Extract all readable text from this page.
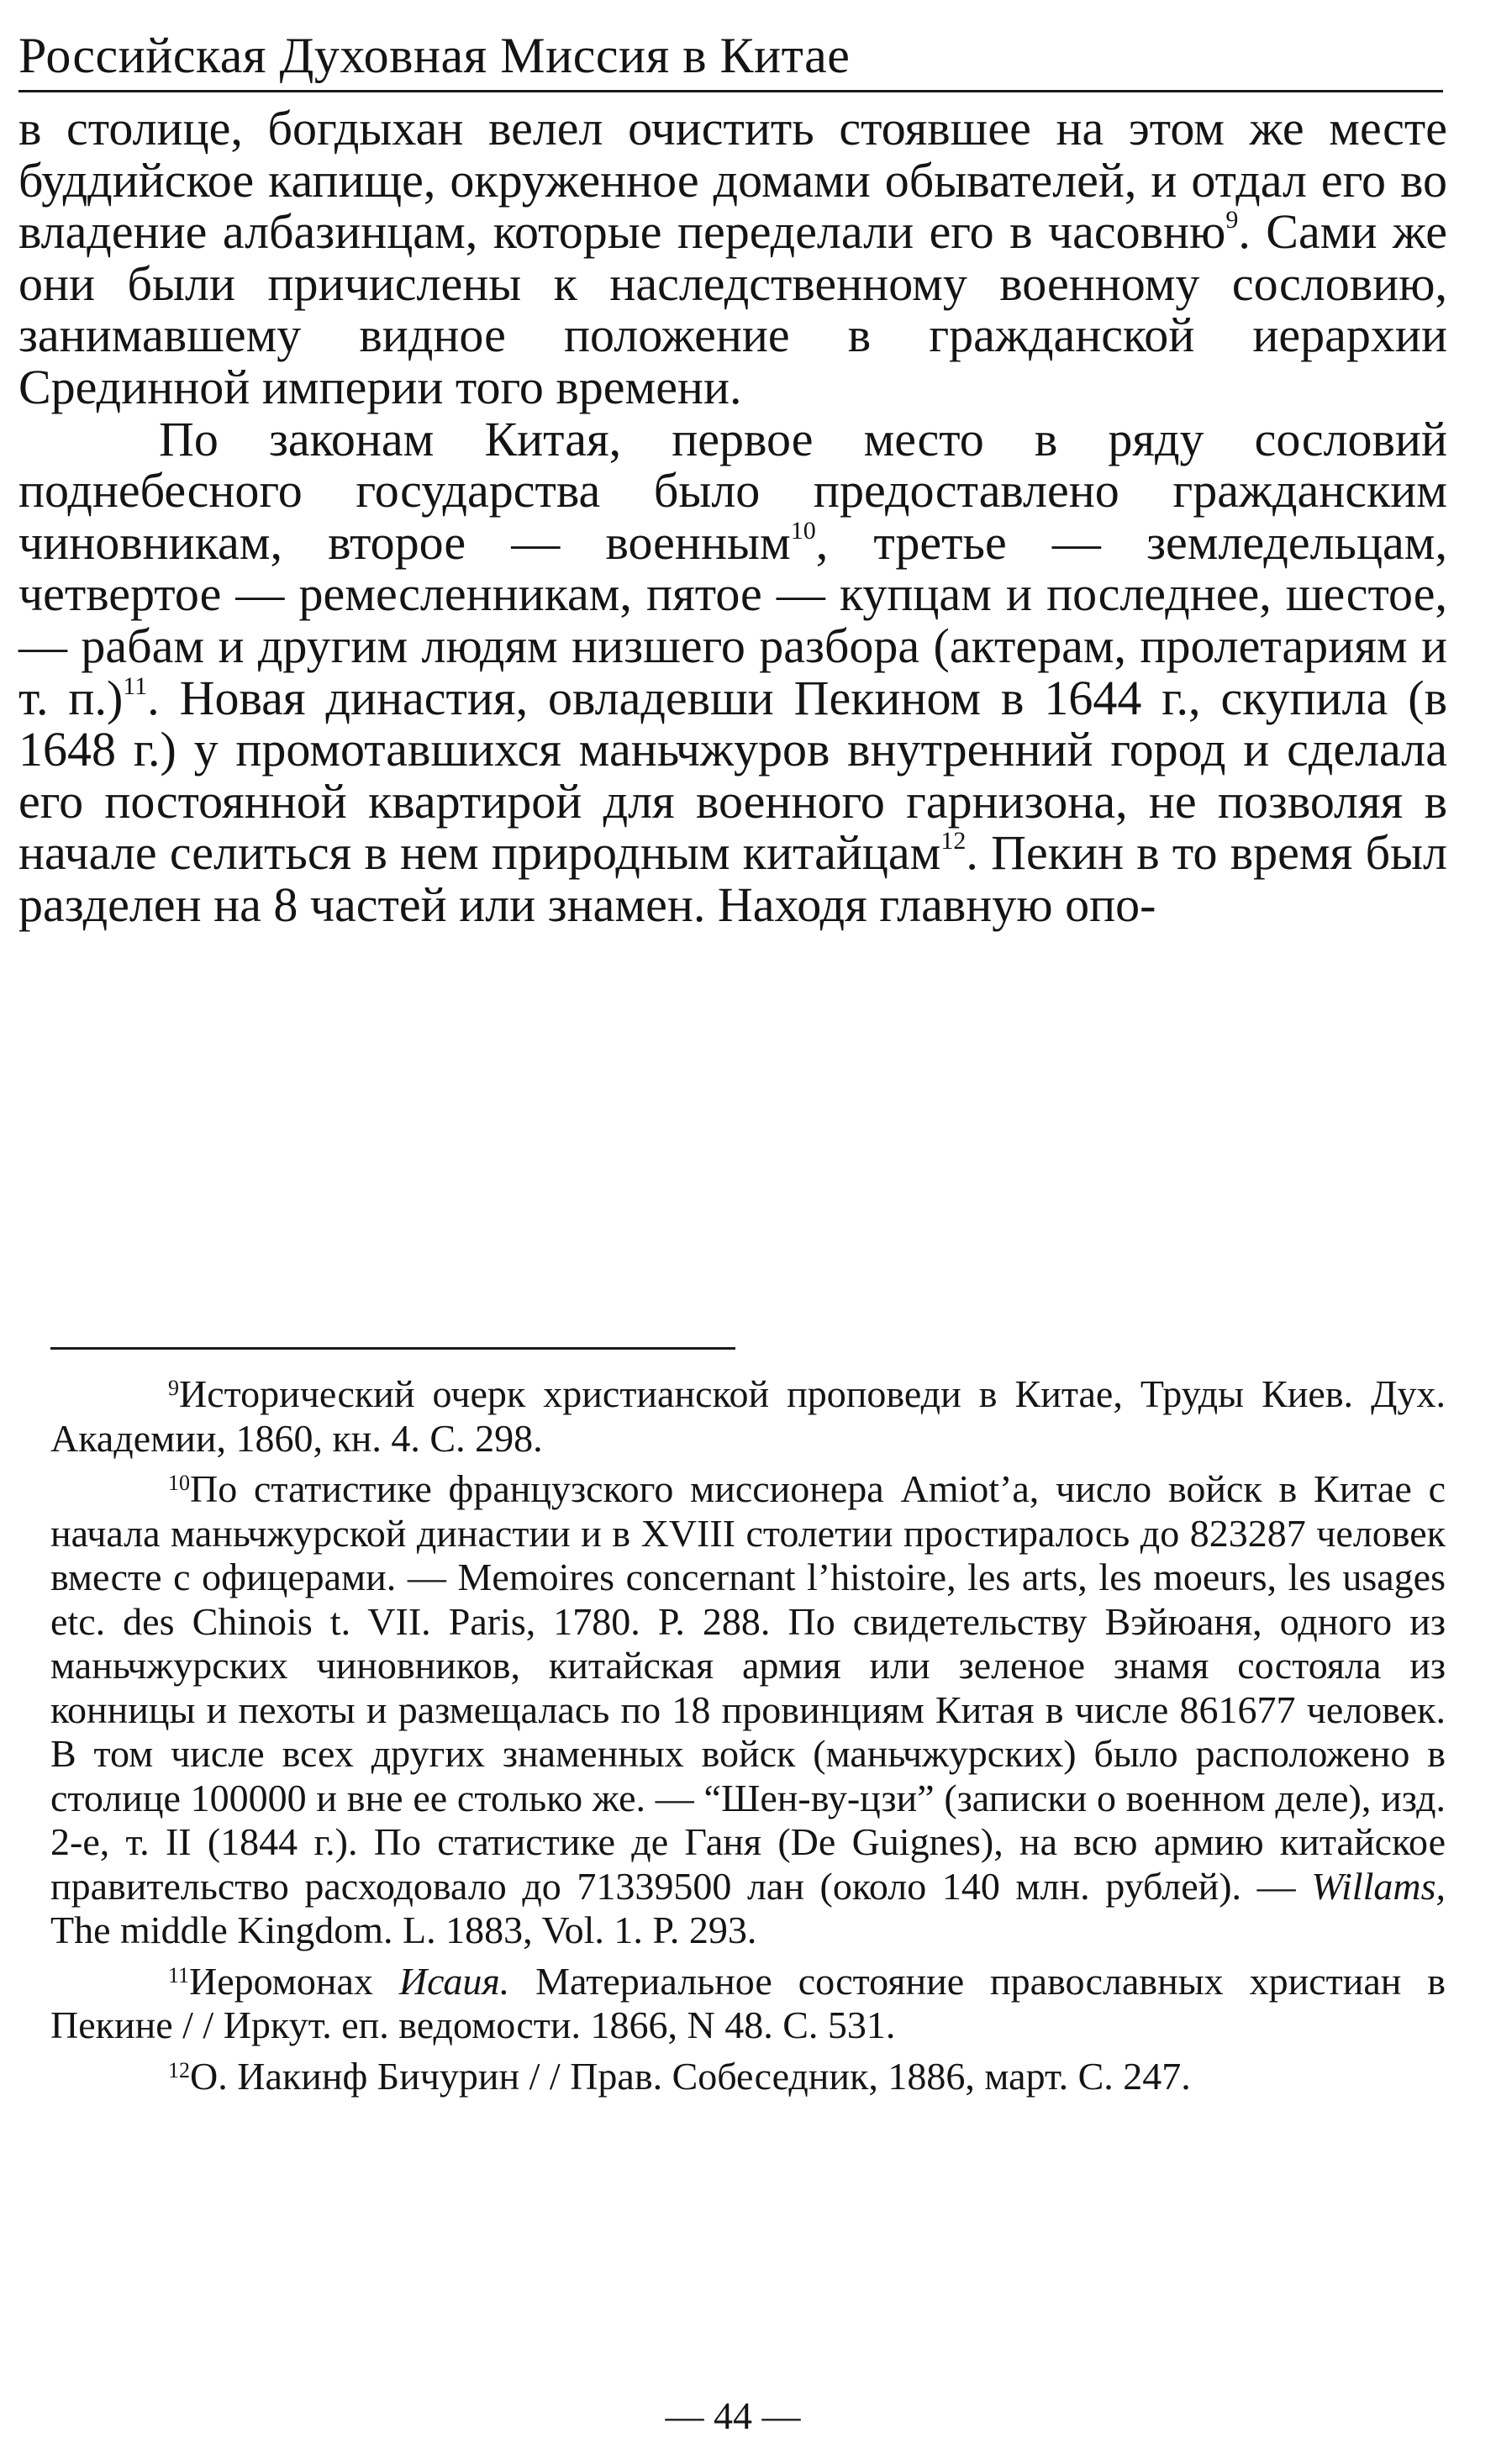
Российская Духовная Миссия в Китае

в столице, богдыхан велел очистить стоявшее на этом же месте буддийское капище, окруженное домами обывателей, и отдал его во владение албазинцам, которые переделали его в часовню$^9$. Сами же они были причислены к наследственному военному сословию, занимавшему видное положение в гражданской иерархии Срединной империи того времени.

По законам Китая, первое место в ряду сословий поднебесного государства было предоставлено гражданским чиновникам, второе — военным$^{10}$, третье — земледельцам, четвертое — ремесленникам, пятое — купцам и последнее, шестое, — рабам и другим людям низшего разбора (актерам, пролетариям и т. п.)$^{11}$. Новая династия, овладевши Пекином в 1644 г., скупила (в 1648 г.) у промотавшихся маньчжуров внутренний город и сделала его постоянной квартирой для военного гарнизона, не позволяя в начале селиться в нем природным китайцам$^{12}$. Пекин в то время был разделен на 8 частей или знамен. Находя главную опо-

$^9$Исторический очерк христианской проповеди в Китае, Труды Киев. Дух. Академии, 1860, кн. 4. С. 298.

$^{10}$По статистике французского миссионера Amiot’a, число войск в Китае с начала маньчжурской династии и в XVIII столетии простиралось до 823287 человек вместе с офицерами. — Memoires concernant l’histoire, les arts, les moeurs, les usages etc. des Chinois t. VII. Paris, 1780. P. 288. По свидетельству Вэйюаня, одного из маньчжурских чиновников, китайская армия или зеленое знамя состояла из конницы и пехоты и размещалась по 18 провинциям Китая в числе 861677 человек. В том числе всех других знаменных войск (маньчжурских) было расположено в столице 100000 и вне ее столько же. — “Шен-ву-цзи” (записки о военном деле), изд. 2-е, т. II (1844 г.). По статистике де Ганя (De Guignes), на всю армию китайское правительство расходовало до 71339500 лан (около 140 млн. рублей). — Willams, The middle Kingdom. L. 1883, Vol. 1. P. 293.

$^{11}$Иеромонах Исаия. Материальное состояние православных христиан в Пекине / / Иркут. еп. ведомости. 1866, N 48. С. 531.

$^{12}$О. Иакинф Бичурин / / Прав. Собеседник, 1886, март. С. 247.

— 44 —
